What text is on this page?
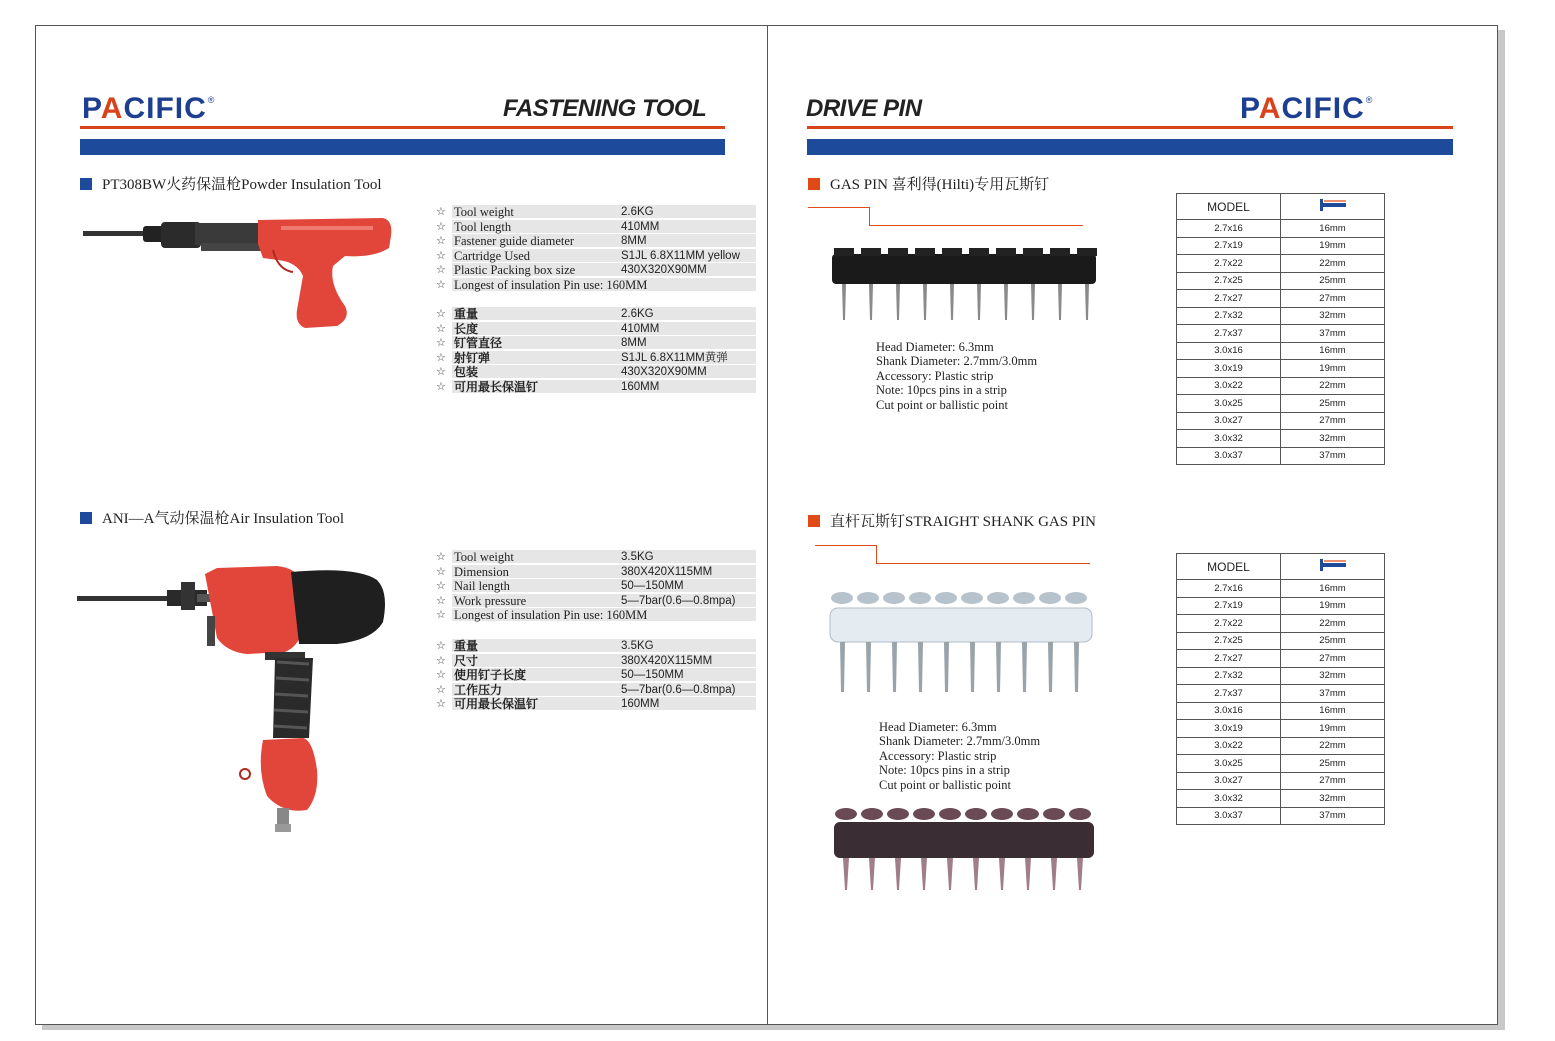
PACIFIC®	FASTENING TOOL
PT308BW火药保温枪Powder Insulation Tool
☆ Tool weight	2.6KG
☆ Tool length	410MM
☆ Fastener guide diameter	8MM
☆ Cartridge Used	S1JL 6.8X11MM yellow
☆ Plastic Packing box size	430X320X90MM
☆ Longest of insulation Pin use: 160MM
☆ 重量	2.6KG
☆ 长度	410MM
☆ 钉管直径	8MM
☆ 射钉弹	S1JL 6.8X11MM黄弹
☆ 包装	430X320X90MM
☆ 可用最长保温钉	160MM
ANI—A气动保温枪Air Insulation Tool
☆ Tool weight	3.5KG
☆ Dimension	380X420X115MM
☆ Nail length	50—150MM
☆ Work pressure	5—7bar(0.6—0.8mpa)
☆ Longest of insulation Pin use: 160MM
☆ 重量	3.5KG
☆ 尺寸	380X420X115MM
☆ 使用钉子长度	50—150MM
☆ 工作压力	5—7bar(0.6—0.8mpa)
☆ 可用最长保温钉	160MM
DRIVE PIN	PACIFIC®
GAS PIN 喜利得(Hilti)专用瓦斯钉
Head Diameter: 6.3mm
Shank Diameter: 2.7mm/3.0mm
Accessory: Plastic strip
Note: 10pcs pins in a strip
Cut point or ballistic point
MODEL	
2.7x16	16mm
2.7x19	19mm
2.7x22	22mm
2.7x25	25mm
2.7x27	27mm
2.7x32	32mm
2.7x37	37mm
3.0x16	16mm
3.0x19	19mm
3.0x22	22mm
3.0x25	25mm
3.0x27	27mm
3.0x32	32mm
3.0x37	37mm
直杆瓦斯钉STRAIGHT SHANK GAS PIN
Head Diameter: 6.3mm
Shank Diameter: 2.7mm/3.0mm
Accessory: Plastic strip
Note: 10pcs pins in a strip
Cut point or ballistic point
MODEL	
2.7x16	16mm
2.7x19	19mm
2.7x22	22mm
2.7x25	25mm
2.7x27	27mm
2.7x32	32mm
2.7x37	37mm
3.0x16	16mm
3.0x19	19mm
3.0x22	22mm
3.0x25	25mm
3.0x27	27mm
3.0x32	32mm
3.0x37	37mm
